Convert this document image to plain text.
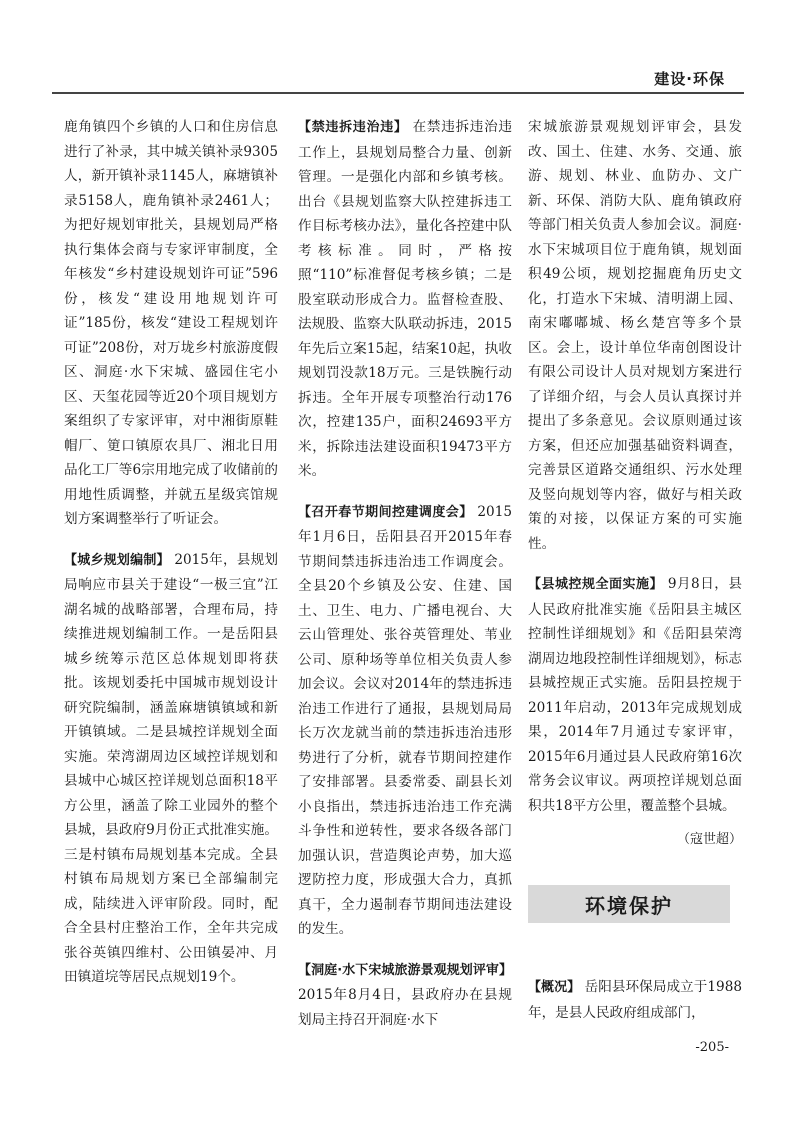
建设·环保

鹿角镇四个乡镇的人口和住房信息进行了补录，其中城关镇补录9305人，新开镇补录1145人，麻塘镇补录5158人，鹿角镇补录2461人；为把好规划审批关，县规划局严格执行集体会商与专家评审制度，全年核发“乡村建设规划许可证”596份，核发“建设用地规划许可证”185份，核发“建设工程规划许可证”208份，对万垅乡村旅游度假区、洞庭·水下宋城、盛园住宅小区、天玺花园等近20个项目规划方案组织了专家评审，对中湘街原鞋帽厂、筻口镇原农具厂、湘北日用品化工厂等6宗用地完成了收储前的用地性质调整，并就五星级宾馆规划方案调整举行了听证会。

【城乡规划编制】 2015年，县规划局响应市县关于建设“一极三宜”江湖名城的战略部署，合理布局，持续推进规划编制工作。一是岳阳县城乡统筹示范区总体规划即将获批。该规划委托中国城市规划设计研究院编制，涵盖麻塘镇镇域和新开镇镇域。二是县城控详规划全面实施。荣湾湖周边区域控详规划和县城中心城区控详规划总面积18平方公里，涵盖了除工业园外的整个县城，县政府9月份正式批准实施。三是村镇布局规划基本完成。全县村镇布局规划方案已全部编制完成，陆续进入评审阶段。同时，配合全县村庄整治工作，全年共完成张谷英镇四维村、公田镇晏冲、月田镇道垸等居民点规划19个。

【禁违拆违治违】 在禁违拆违治违工作上，县规划局整合力量、创新管理。一是强化内部和乡镇考核。出台《县规划监察大队控建拆违工作目标考核办法》，量化各控建中队考核标准。同时，严格按照“110”标准督促考核乡镇；二是股室联动形成合力。监督检查股、法规股、监察大队联动拆违，2015年先后立案15起，结案10起，执收规划罚没款18万元。三是铁腕行动拆违。全年开展专项整治行动176次，控建135户，面积24693平方米，拆除违法建设面积19473平方米。

【召开春节期间控建调度会】 2015年1月6日，岳阳县召开2015年春节期间禁违拆违治违工作调度会。全县20个乡镇及公安、住建、国土、卫生、电力、广播电视台、大云山管理处、张谷英管理处、苇业公司、原种场等单位相关负责人参加会议。会议对2014年的禁违拆违治违工作进行了通报，县规划局局长万次龙就当前的禁违拆违治违形势进行了分析，就春节期间控建作了安排部署。县委常委、副县长刘小良指出，禁违拆违治违工作充满斗争性和逆转性，要求各级各部门加强认识，营造舆论声势，加大巡逻防控力度，形成强大合力，真抓真干，全力遏制春节期间违法建设的发生。

【洞庭·水下宋城旅游景观规划评审】 2015年8月4日，县政府办在县规划局主持召开洞庭·水下

宋城旅游景观规划评审会，县发改、国土、住建、水务、交通、旅游、规划、林业、血防办、文广新、环保、消防大队、鹿角镇政府等部门相关负责人参加会议。洞庭·水下宋城项目位于鹿角镇，规划面积49公顷，规划挖掘鹿角历史文化，打造水下宋城、清明湖上园、南宋嘟嘟城、杨幺楚宫等多个景区。会上，设计单位华南创图设计有限公司设计人员对规划方案进行了详细介绍，与会人员认真探讨并提出了多条意见。会议原则通过该方案，但还应加强基础资料调查，完善景区道路交通组织、污水处理及竖向规划等内容，做好与相关政策的对接，以保证方案的可实施性。

【县城控规全面实施】 9月8日，县人民政府批准实施《岳阳县主城区控制性详细规划》和《岳阳县荣湾湖周边地段控制性详细规划》，标志县城控规正式实施。岳阳县控规于2011年启动，2013年完成规划成果，2014年7月通过专家评审，2015年6月通过县人民政府第16次常务会议审议。两项控详规划总面积共18平方公里，覆盖整个县城。

（寇世超）

环境保护

【概况】 岳阳县环保局成立于1988年，是县人民政府组成部门，

-205-
